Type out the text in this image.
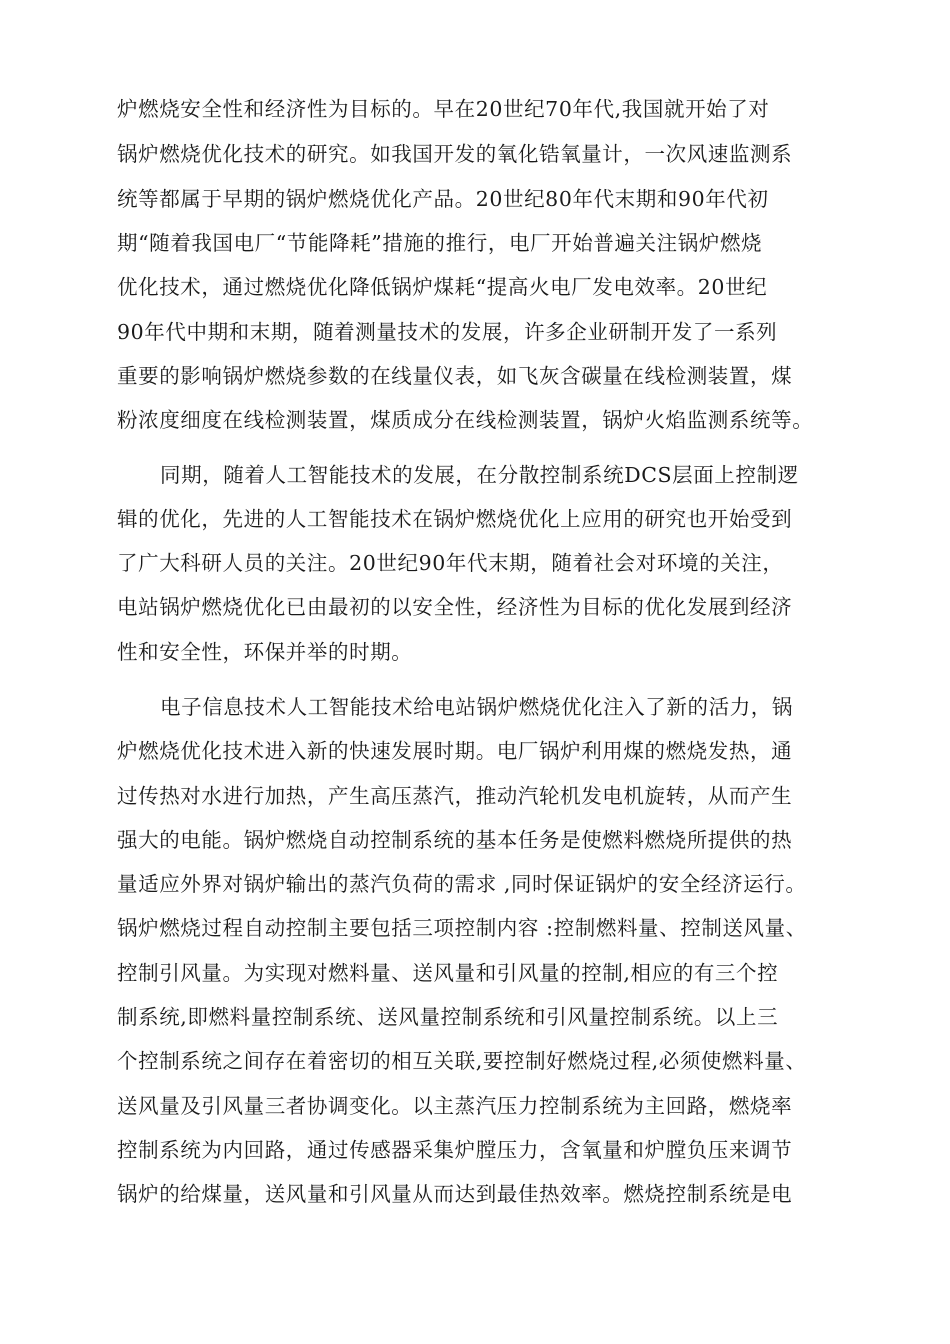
炉燃烧安全性和经济性为目标的。早在20世纪70年代,我国就开始了对
锅炉燃烧优化技术的研究。如我国开发的氧化锆氧量计，一次风速监测系
统等都属于早期的锅炉燃烧优化产品。20世纪80年代末期和90年代初
期“随着我国电厂“节能降耗”措施的推行，电厂开始普遍关注锅炉燃烧
优化技术，通过燃烧优化降低锅炉煤耗“提高火电厂发电效率。20世纪
90年代中期和末期，随着测量技术的发展，许多企业研制开发了一系列
重要的影响锅炉燃烧参数的在线量仪表，如飞灰含碳量在线检测装置，煤
粉浓度细度在线检测装置，煤质成分在线检测装置，锅炉火焰监测系统等。
同期，随着人工智能技术的发展，在分散控制系统DCS层面上控制逻
辑的优化，先进的人工智能技术在锅炉燃烧优化上应用的研究也开始受到
了广大科研人员的关注。20世纪90年代末期，随着社会对环境的关注，
电站锅炉燃烧优化已由最初的以安全性，经济性为目标的优化发展到经济
性和安全性，环保并举的时期。
电子信息技术人工智能技术给电站锅炉燃烧优化注入了新的活力，锅
炉燃烧优化技术进入新的快速发展时期。电厂锅炉利用煤的燃烧发热，通
过传热对水进行加热，产生高压蒸汽，推动汽轮机发电机旋转，从而产生
强大的电能。锅炉燃烧自动控制系统的基本任务是使燃料燃烧所提供的热
量适应外界对锅炉输出的蒸汽负荷的需求 ,同时保证锅炉的安全经济运行。
锅炉燃烧过程自动控制主要包括三项控制内容 :控制燃料量、控制送风量、
控制引风量。为实现对燃料量、送风量和引风量的控制,相应的有三个控
制系统,即燃料量控制系统、送风量控制系统和引风量控制系统。以上三
个控制系统之间存在着密切的相互关联,要控制好燃烧过程,必须使燃料量、
送风量及引风量三者协调变化。以主蒸汽压力控制系统为主回路，燃烧率
控制系统为内回路，通过传感器采集炉膛压力，含氧量和炉膛负压来调节
锅炉的给煤量，送风量和引风量从而达到最佳热效率。燃烧控制系统是电
